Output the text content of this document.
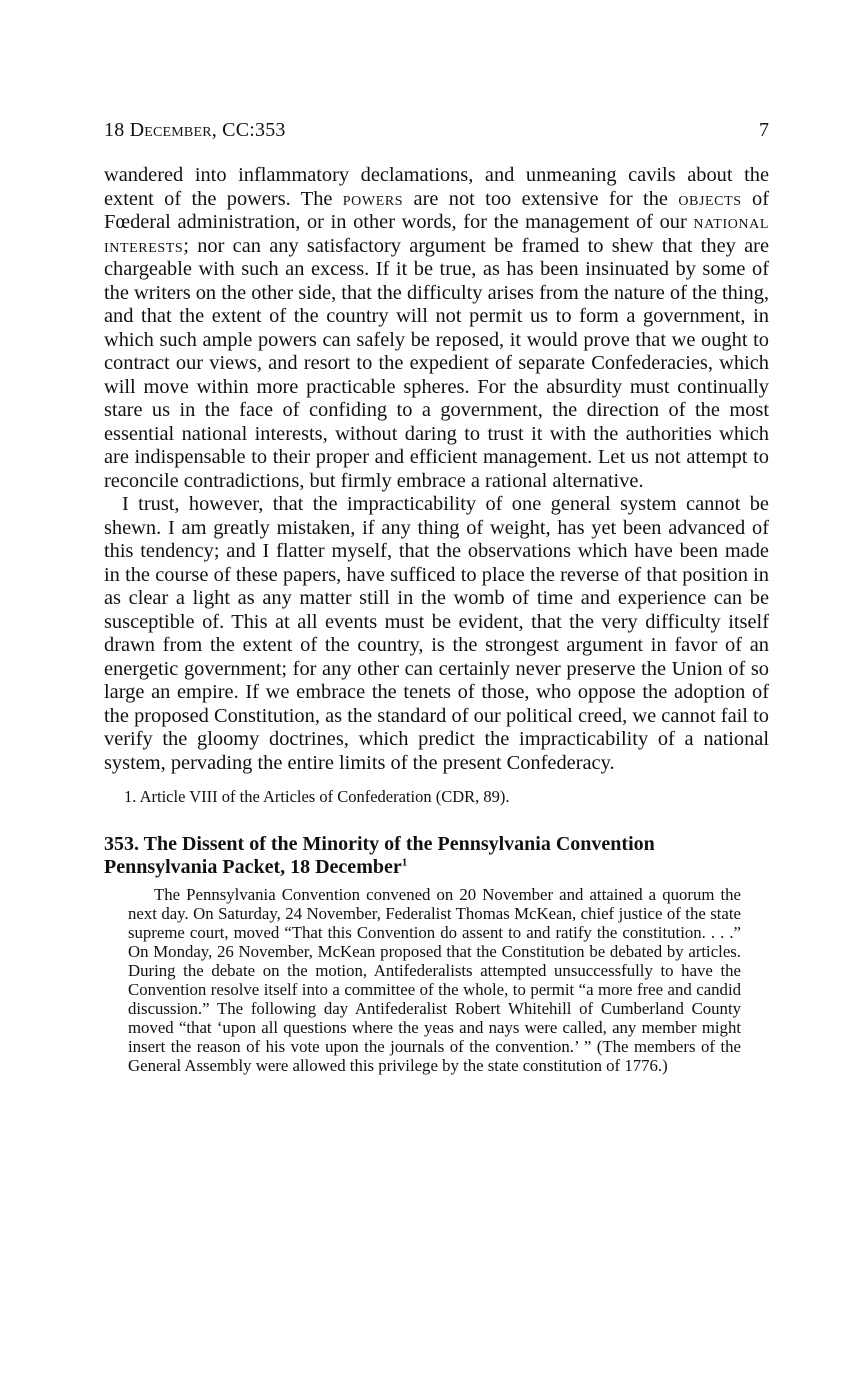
18 December, CC:353	7

wandered into inflammatory declamations, and unmeaning cavils about the extent of the powers. The powers are not too extensive for the objects of Fœderal administration, or in other words, for the management of our national interests; nor can any satisfactory argument be framed to shew that they are chargeable with such an excess. If it be true, as has been insinuated by some of the writers on the other side, that the difficulty arises from the nature of the thing, and that the extent of the country will not permit us to form a government, in which such ample powers can safely be reposed, it would prove that we ought to contract our views, and resort to the expedient of separate Confederacies, which will move within more practicable spheres. For the absurdity must continually stare us in the face of confiding to a government, the direction of the most essential national interests, without daring to trust it with the authorities which are indispensable to their proper and efficient management. Let us not attempt to reconcile contradictions, but firmly embrace a rational alternative.

I trust, however, that the impracticability of one general system cannot be shewn. I am greatly mistaken, if any thing of weight, has yet been advanced of this tendency; and I flatter myself, that the observations which have been made in the course of these papers, have sufficed to place the reverse of that position in as clear a light as any matter still in the womb of time and experience can be susceptible of. This at all events must be evident, that the very difficulty itself drawn from the extent of the country, is the strongest argument in favor of an energetic government; for any other can certainly never preserve the Union of so large an empire. If we embrace the tenets of those, who oppose the adoption of the proposed Constitution, as the standard of our political creed, we cannot fail to verify the gloomy doctrines, which predict the impracticability of a national system, pervading the entire limits of the present Confederacy.

1. Article VIII of the Articles of Confederation (CDR, 89).

353. The Dissent of the Minority of the Pennsylvania Convention
Pennsylvania Packet, 18 December$^1$

The Pennsylvania Convention convened on 20 November and attained a quorum the next day. On Saturday, 24 November, Federalist Thomas McKean, chief justice of the state supreme court, moved “That this Convention do assent to and ratify the constitution. . . .” On Monday, 26 November, McKean proposed that the Constitution be debated by articles. During the debate on the motion, Antifederalists attempted unsuccessfully to have the Convention resolve itself into a committee of the whole, to permit “a more free and candid discussion.” The following day Antifederalist Robert Whitehill of Cumberland County moved “that ‘upon all questions where the yeas and nays were called, any member might insert the reason of his vote upon the journals of the convention.’ ” (The members of the General Assembly were allowed this privilege by the state constitution of 1776.)
